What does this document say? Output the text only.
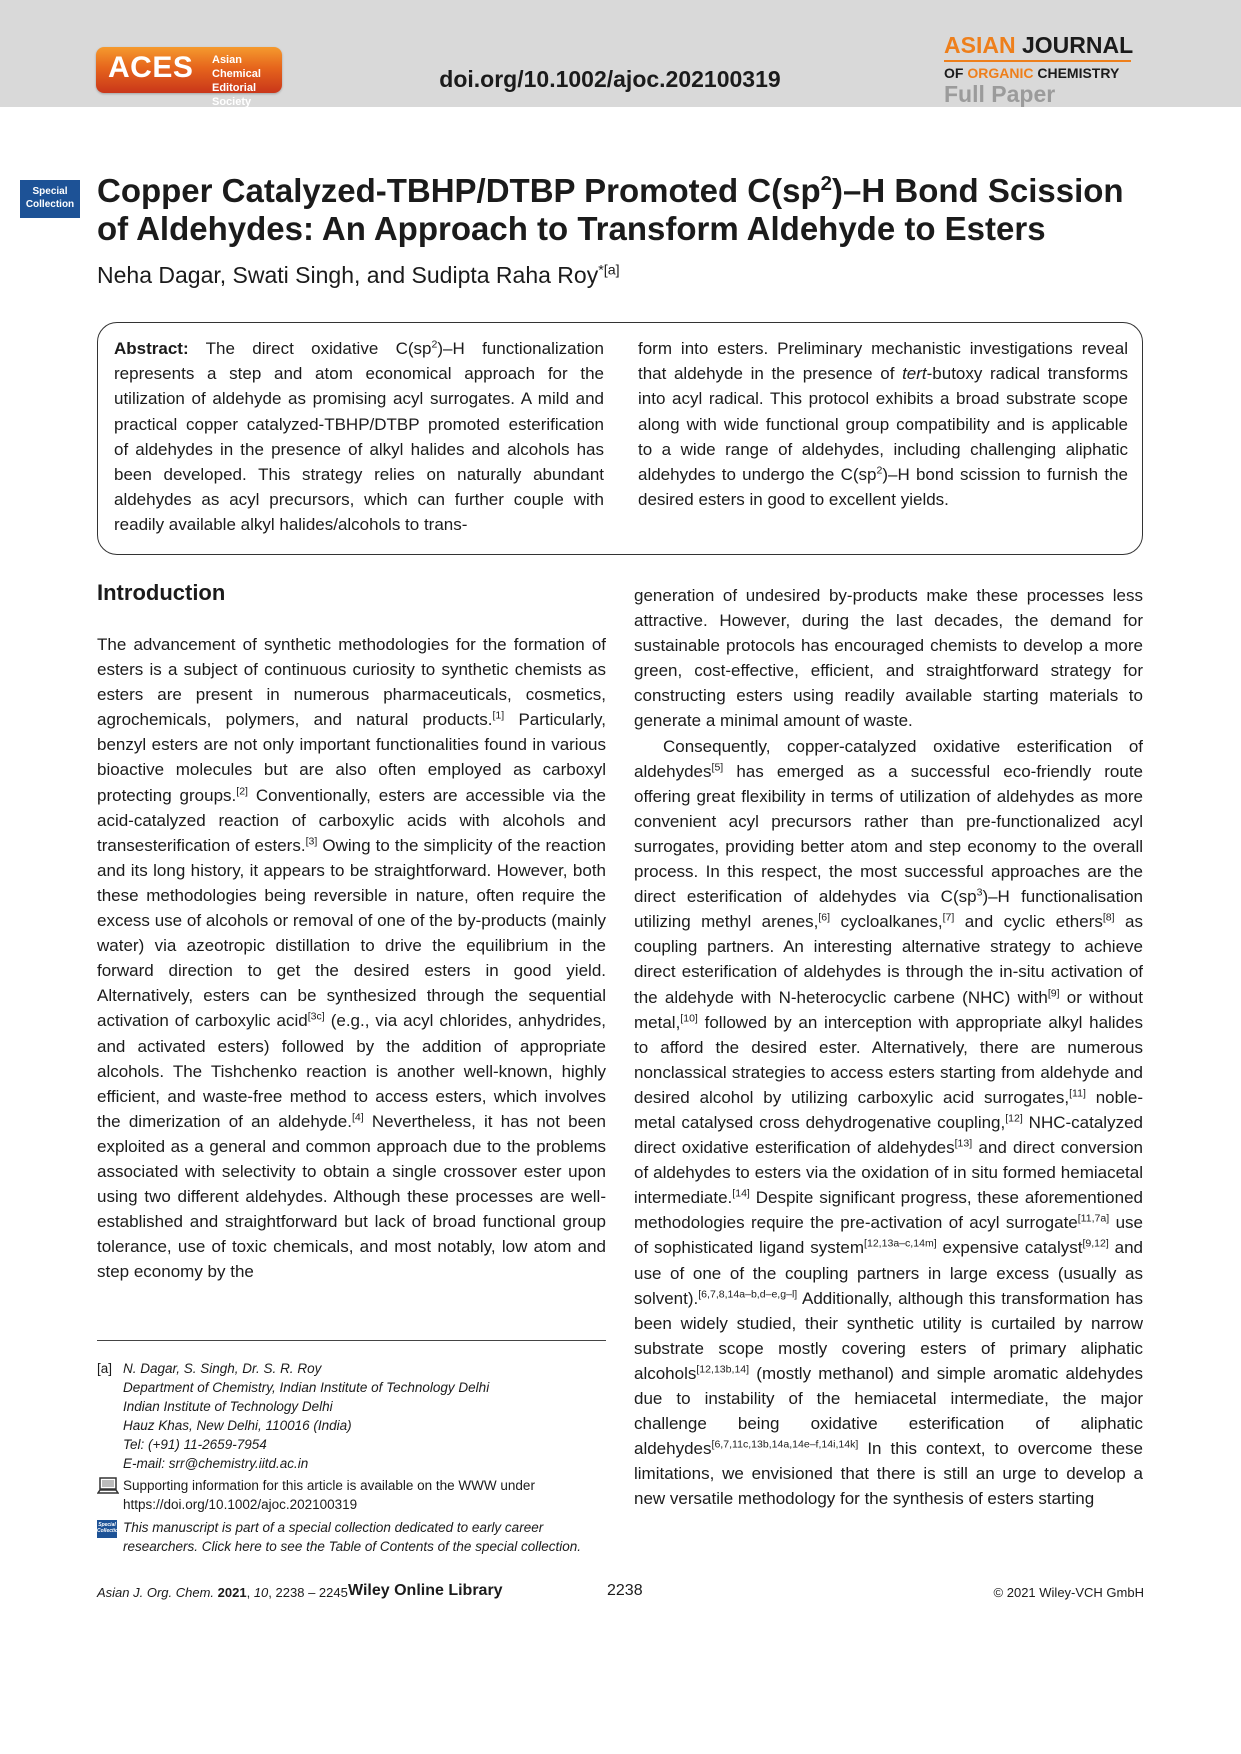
ACES Asian Chemical Editorial Society
doi.org/10.1002/ajoc.202100319
ASIAN JOURNAL
OF ORGANIC CHEMISTRY
Full Paper
Special Collection Copper Catalyzed-TBHP/DTBP Promoted $C(sp^2)-H$ Bond Scission of Aldehydes: An Approach to Transform Aldehyde to Esters
Neha Dagar, Swati Singh, and Sudipta Raha Roy$^{*[a]}$
Abstract: The direct oxidative $C(sp^2)-H$ functionalization represents a step and atom economical approach for the utilization of aldehyde as promising acyl surrogates. A mild and practical copper catalyzed-TBHP/DTBP promoted esterification of aldehydes in the presence of alkyl halides and alcohols has been developed. This strategy relies on naturally abundant aldehydes as acyl precursors, which can further couple with readily available alkyl halides/alcohols to trans-
form into esters. Preliminary mechanistic investigations reveal that aldehyde in the presence of tert-butoxy radical transforms into acyl radical. This protocol exhibits a broad substrate scope along with wide functional group compatibility and is applicable to a wide range of aldehydes, including challenging aliphatic aldehydes to undergo the $C(sp^2)-H$ bond scission to furnish the desired esters in good to excellent yields.
Introduction

The advancement of synthetic methodologies for the formation of esters is a subject of continuous curiosity to synthetic chemists as esters are present in numerous pharmaceuticals, cosmetics, agrochemicals, polymers, and natural products.[1] Particularly, benzyl esters are not only important functionalities found in various bioactive molecules but are also often employed as carboxyl protecting groups.[2] Conventionally, esters are accessible via the acid-catalyzed reaction of carboxylic acids with alcohols and transesterification of esters.[3] Owing to the simplicity of the reaction and its long history, it appears to be straightforward. However, both these methodologies being reversible in nature, often require the excess use of alcohols or removal of one of the by-products (mainly water) via azeotropic distillation to drive the equilibrium in the forward direction to get the desired esters in good yield. Alternatively, esters can be synthesized through the sequential activation of carboxylic acid[3c] (e.g., via acyl chlorides, anhydrides, and activated esters) followed by the addition of appropriate alcohols. The Tishchenko reaction is another well-known, highly efficient, and waste-free method to access esters, which involves the dimerization of an aldehyde.[4] Nevertheless, it has not been exploited as a general and common approach due to the problems associated with selectivity to obtain a single crossover ester upon using two different aldehydes. Although these processes are well-established and straightforward but lack of broad functional group tolerance, use of toxic chemicals, and most notably, low atom and step economy by the

generation of undesired by-products make these processes less attractive. However, during the last decades, the demand for sustainable protocols has encouraged chemists to develop a more green, cost-effective, efficient, and straightforward strategy for constructing esters using readily available starting materials to generate a minimal amount of waste.

Consequently, copper-catalyzed oxidative esterification of aldehydes[5] has emerged as a successful eco-friendly route offering great flexibility in terms of utilization of aldehydes as more convenient acyl precursors rather than pre-functionalized acyl surrogates, providing better atom and step economy to the overall process. In this respect, the most successful approaches are the direct esterification of aldehydes via $C(sp^3)-H$ functionalisation utilizing methyl arenes,[6] cycloalkanes,[7] and cyclic ethers[8] as coupling partners. An interesting alternative strategy to achieve direct esterification of aldehydes is through the in-situ activation of the aldehyde with N-heterocyclic carbene (NHC) with[9] or without metal,[10] followed by an interception with appropriate alkyl halides to afford the desired ester. Alternatively, there are numerous nonclassical strategies to access esters starting from aldehyde and desired alcohol by utilizing carboxylic acid surrogates,[11] noble-metal catalysed cross dehydrogenative coupling,[12] NHC-catalyzed direct oxidative esterification of aldehydes[13] and direct conversion of aldehydes to esters via the oxidation of in situ formed hemiacetal intermediate.[14] Despite significant progress, these aforementioned methodologies require the pre-activation of acyl surrogate[11,7a] use of sophisticated ligand system[12,13a–c,14m] expensive catalyst[9,12] and use of one of the coupling partners in large excess (usually as solvent).[6,7,8,14a–b,d–e,g–l] Additionally, although this transformation has been widely studied, their synthetic utility is curtailed by narrow substrate scope mostly covering esters of primary aliphatic alcohols[12,13b,14] (mostly methanol) and simple aromatic aldehydes due to instability of the hemiacetal intermediate, the major challenge being oxidative esterification of aliphatic aldehydes[6,7,11c,13b,14a,14e–f,14i,14k] In this context, to overcome these limitations, we envisioned that there is still an urge to develop a new versatile methodology for the synthesis of esters starting

[a] N. Dagar, S. Singh, Dr. S. R. Roy
Department of Chemistry, Indian Institute of Technology Delhi
Indian Institute of Technology Delhi
Hauz Khas, New Delhi, 110016 (India)
Tel: (+91) 11-2659-7954
E-mail: srr@chemistry.iitd.ac.in
Supporting information for this article is available on the WWW under https://doi.org/10.1002/ajoc.202100319
Special Collection This manuscript is part of a special collection dedicated to early career researchers. Click here to see the Table of Contents of the special collection.
Asian J. Org. Chem. 2021, 10, 2238 – 2245 Wiley Online Library	2238	© 2021 Wiley-VCH GmbH
